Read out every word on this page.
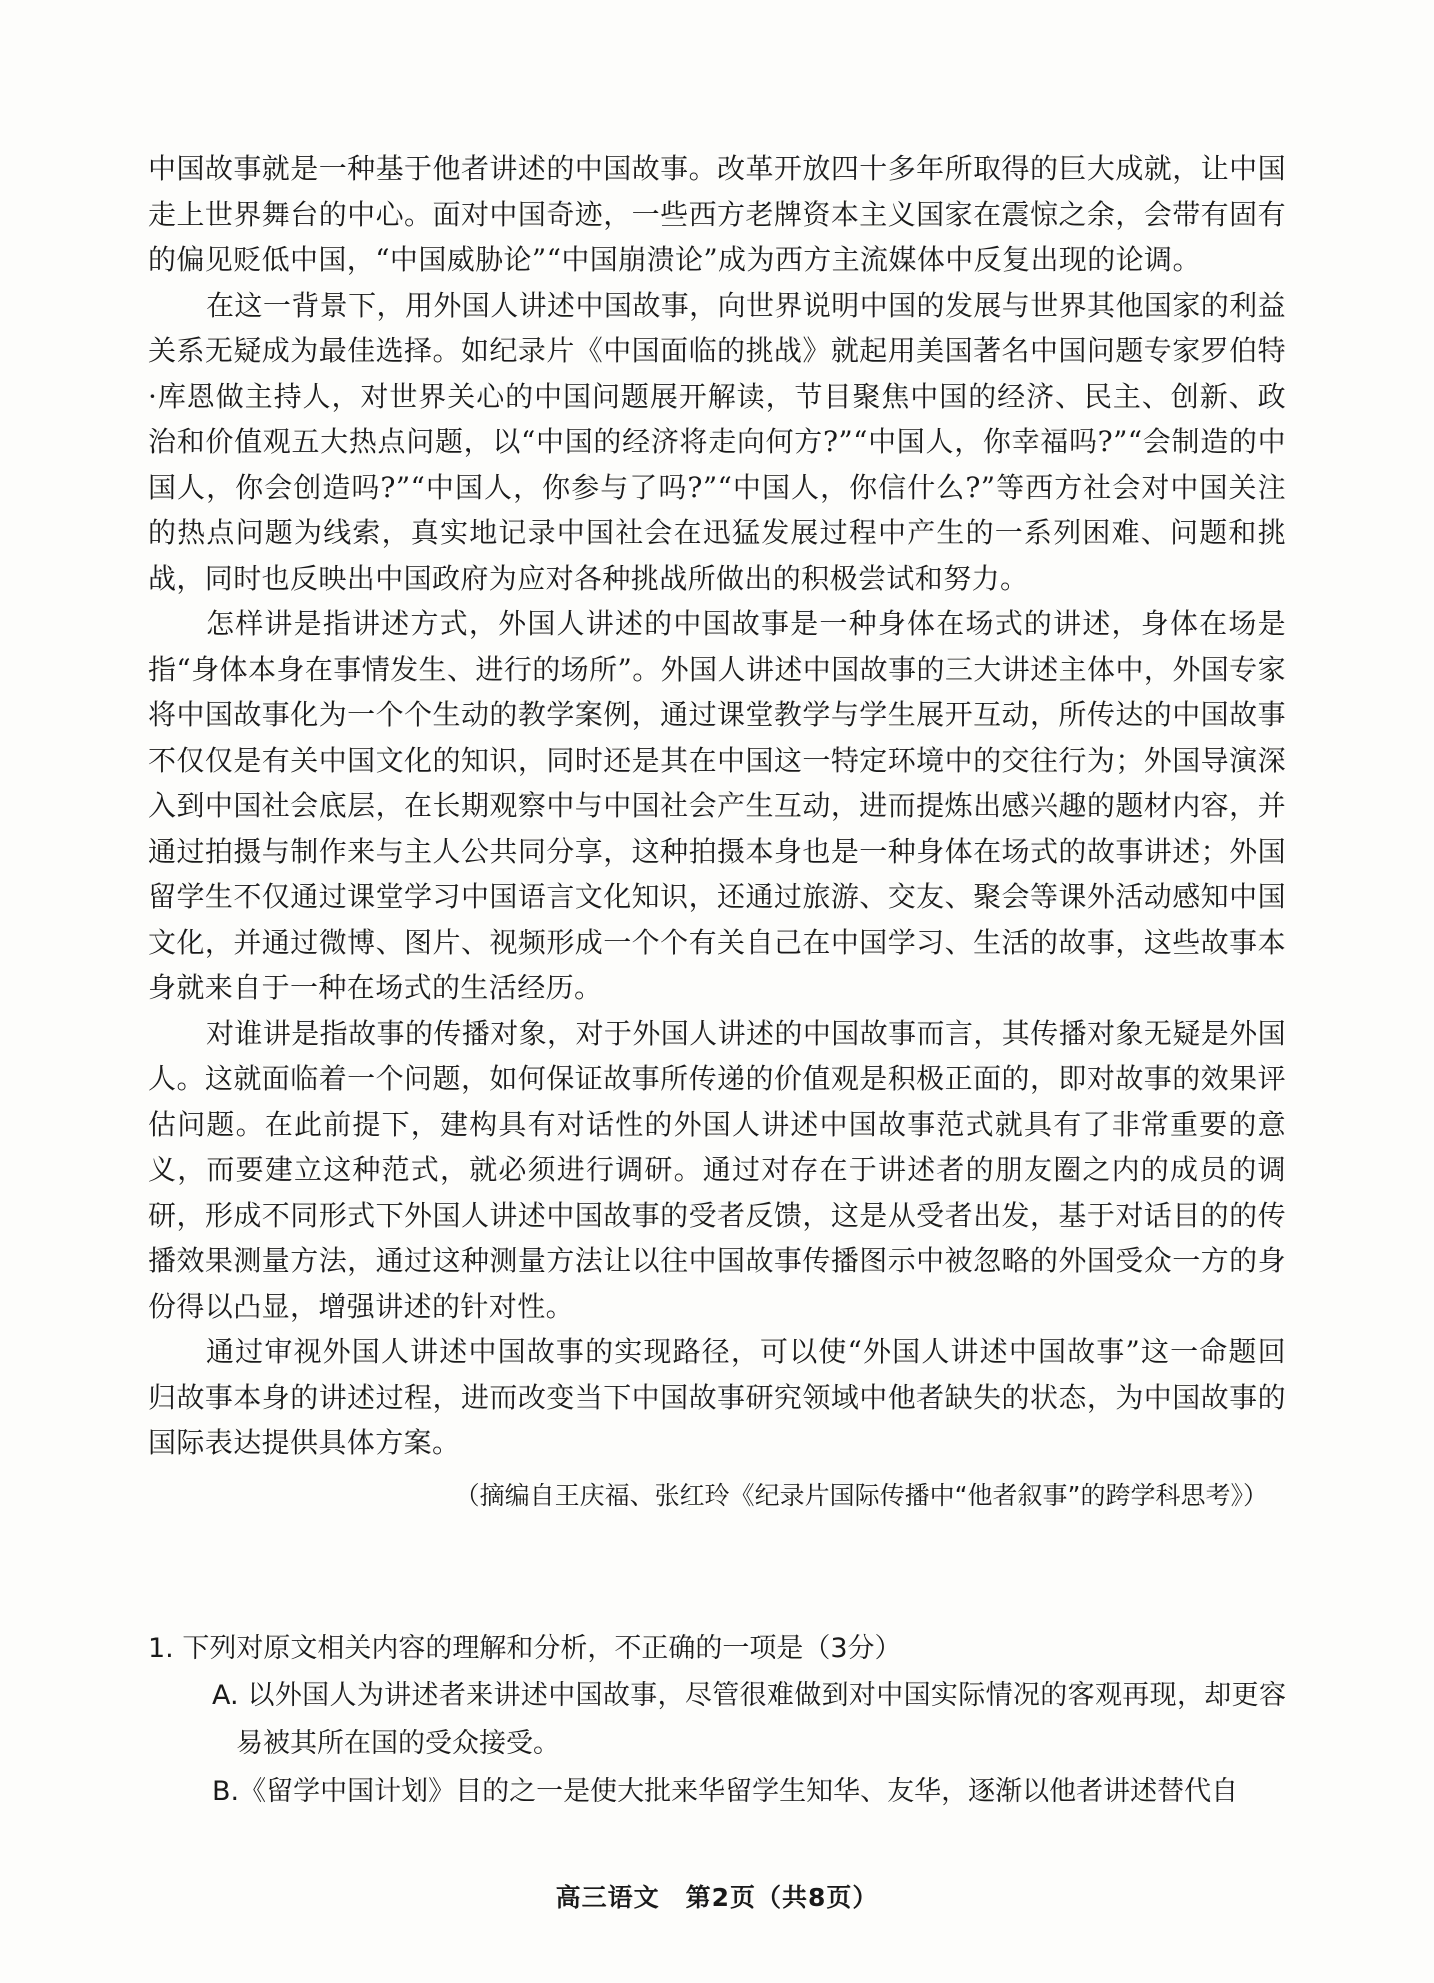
中国故事就是一种基于他者讲述的中国故事。改革开放四十多年所取得的巨大成就，让中国走上世界舞台的中心。面对中国奇迹，一些西方老牌资本主义国家在震惊之余，会带有固有的偏见贬低中国，“中国威胁论”“中国崩溃论”成为西方主流媒体中反复出现的论调。

在这一背景下，用外国人讲述中国故事，向世界说明中国的发展与世界其他国家的利益关系无疑成为最佳选择。如纪录片《中国面临的挑战》就起用美国著名中国问题专家罗伯特·库恩做主持人，对世界关心的中国问题展开解读，节目聚焦中国的经济、民主、创新、政治和价值观五大热点问题，以“中国的经济将走向何方?”“中国人，你幸福吗?”“会制造的中国人，你会创造吗?”“中国人，你参与了吗?”“中国人，你信什么?”等西方社会对中国关注的热点问题为线索，真实地记录中国社会在迅猛发展过程中产生的一系列困难、问题和挑战，同时也反映出中国政府为应对各种挑战所做出的积极尝试和努力。

怎样讲是指讲述方式，外国人讲述的中国故事是一种身体在场式的讲述，身体在场是指“身体本身在事情发生、进行的场所”。外国人讲述中国故事的三大讲述主体中，外国专家将中国故事化为一个个生动的教学案例，通过课堂教学与学生展开互动，所传达的中国故事不仅仅是有关中国文化的知识，同时还是其在中国这一特定环境中的交往行为；外国导演深入到中国社会底层，在长期观察中与中国社会产生互动，进而提炼出感兴趣的题材内容，并通过拍摄与制作来与主人公共同分享，这种拍摄本身也是一种身体在场式的故事讲述；外国留学生不仅通过课堂学习中国语言文化知识，还通过旅游、交友、聚会等课外活动感知中国文化，并通过微博、图片、视频形成一个个有关自己在中国学习、生活的故事，这些故事本身就来自于一种在场式的生活经历。

对谁讲是指故事的传播对象，对于外国人讲述的中国故事而言，其传播对象无疑是外国人。这就面临着一个问题，如何保证故事所传递的价值观是积极正面的，即对故事的效果评估问题。在此前提下，建构具有对话性的外国人讲述中国故事范式就具有了非常重要的意义，而要建立这种范式，就必须进行调研。通过对存在于讲述者的朋友圈之内的成员的调研，形成不同形式下外国人讲述中国故事的受者反馈，这是从受者出发，基于对话目的的传播效果测量方法，通过这种测量方法让以往中国故事传播图示中被忽略的外国受众一方的身份得以凸显，增强讲述的针对性。

通过审视外国人讲述中国故事的实现路径，可以使“外国人讲述中国故事”这一命题回归故事本身的讲述过程，进而改变当下中国故事研究领域中他者缺失的状态，为中国故事的国际表达提供具体方案。

（摘编自王庆福、张红玲《纪录片国际传播中“他者叙事”的跨学科思考》）

1. 下列对原文相关内容的理解和分析，不正确的一项是（3分）

A. 以外国人为讲述者来讲述中国故事，尽管很难做到对中国实际情况的客观再现，却更容易被其所在国的受众接受。

B.《留学中国计划》目的之一是使大批来华留学生知华、友华，逐渐以他者讲述替代自

高三语文　第2页（共8页）
